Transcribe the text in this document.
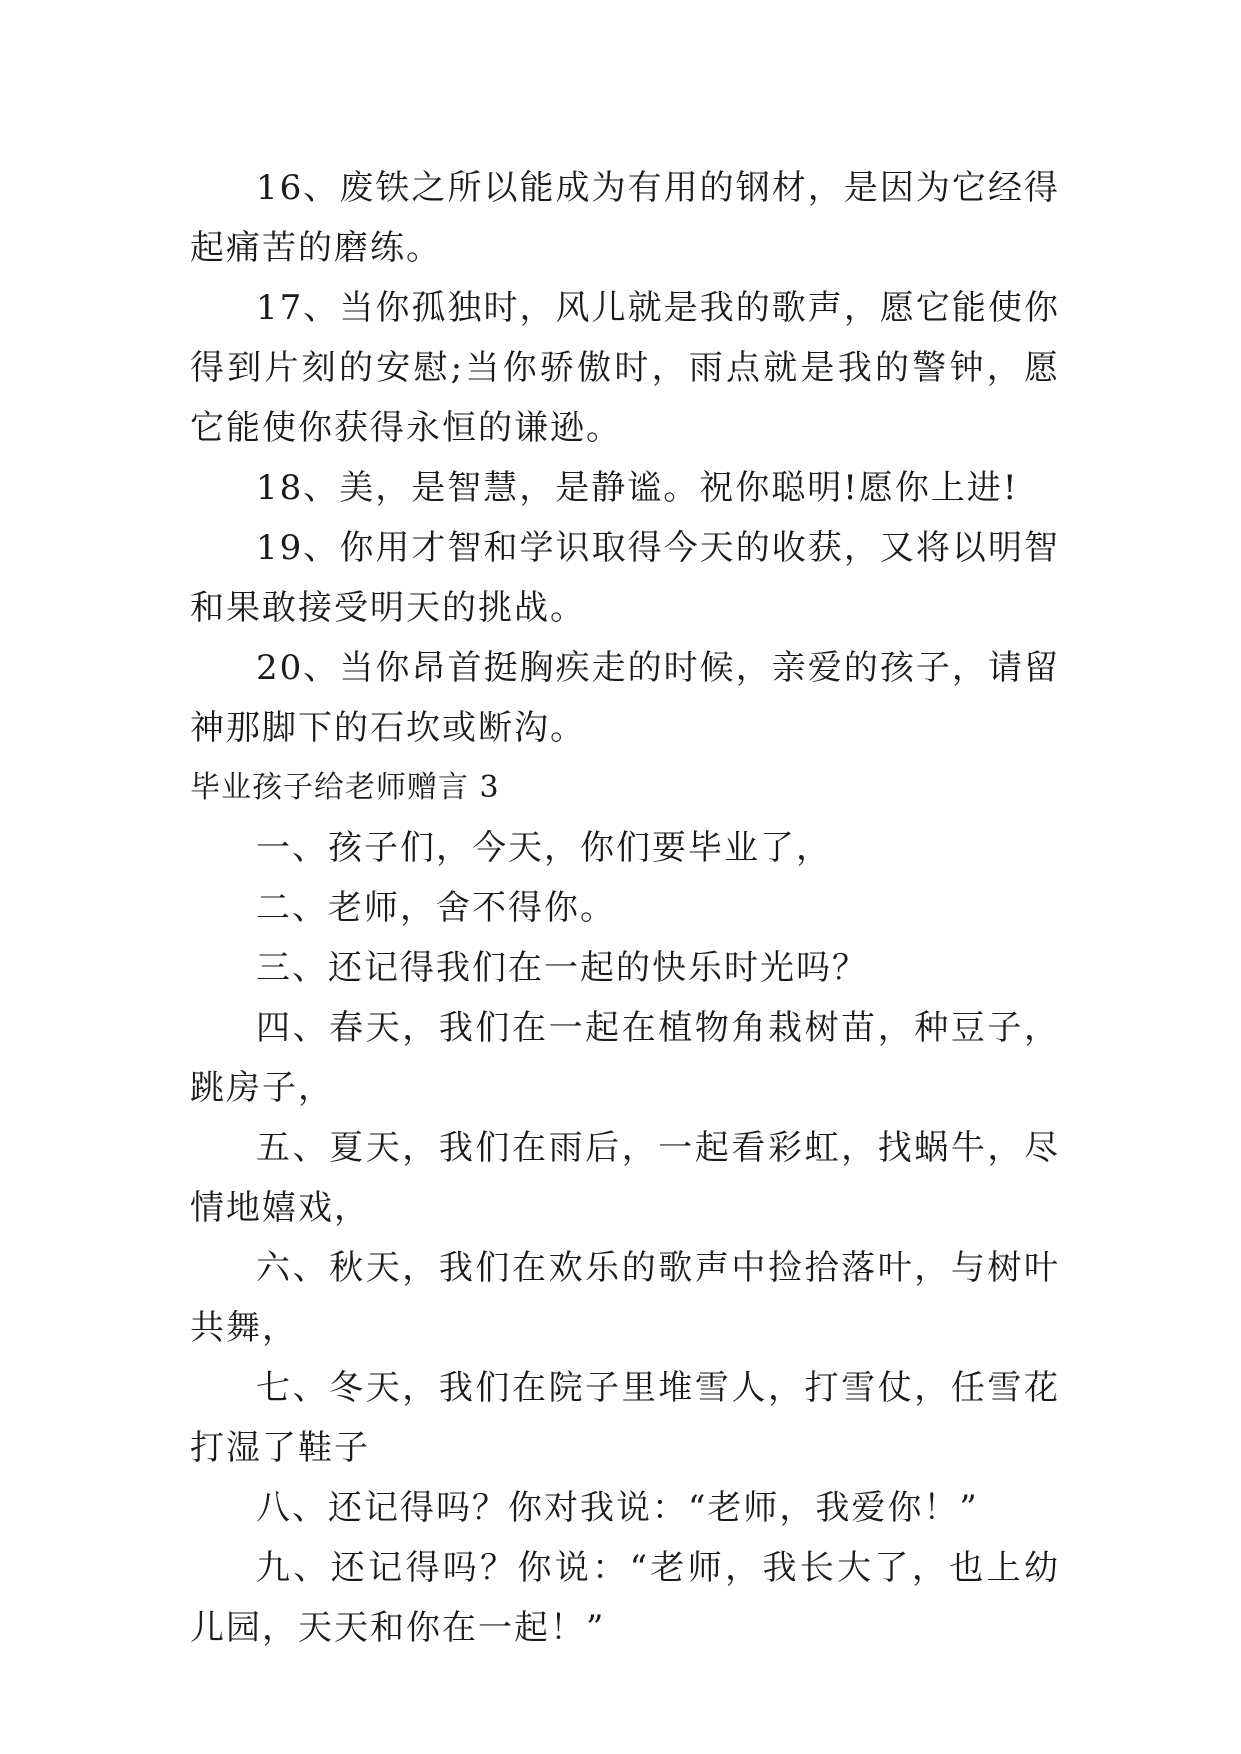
16、废铁之所以能成为有用的钢材，是因为它经得起痛苦的磨练。

17、当你孤独时，风儿就是我的歌声，愿它能使你得到片刻的安慰;当你骄傲时，雨点就是我的警钟，愿它能使你获得永恒的谦逊。

18、美，是智慧，是静谧。祝你聪明!愿你上进!

19、你用才智和学识取得今天的收获，又将以明智和果敢接受明天的挑战。

20、当你昂首挺胸疾走的时候，亲爱的孩子，请留神那脚下的石坎或断沟。

毕业孩子给老师赠言 3

一、孩子们，今天，你们要毕业了，

二、老师，舍不得你。

三、还记得我们在一起的快乐时光吗？

四、春天，我们在一起在植物角栽树苗，种豆子，跳房子，

五、夏天，我们在雨后，一起看彩虹，找蜗牛，尽情地嬉戏，

六、秋天，我们在欢乐的歌声中捡拾落叶，与树叶共舞，

七、冬天，我们在院子里堆雪人，打雪仗，任雪花打湿了鞋子

八、还记得吗？你对我说：“老师，我爱你！”

九、还记得吗？你说：“老师，我长大了，也上幼儿园，天天和你在一起！”
